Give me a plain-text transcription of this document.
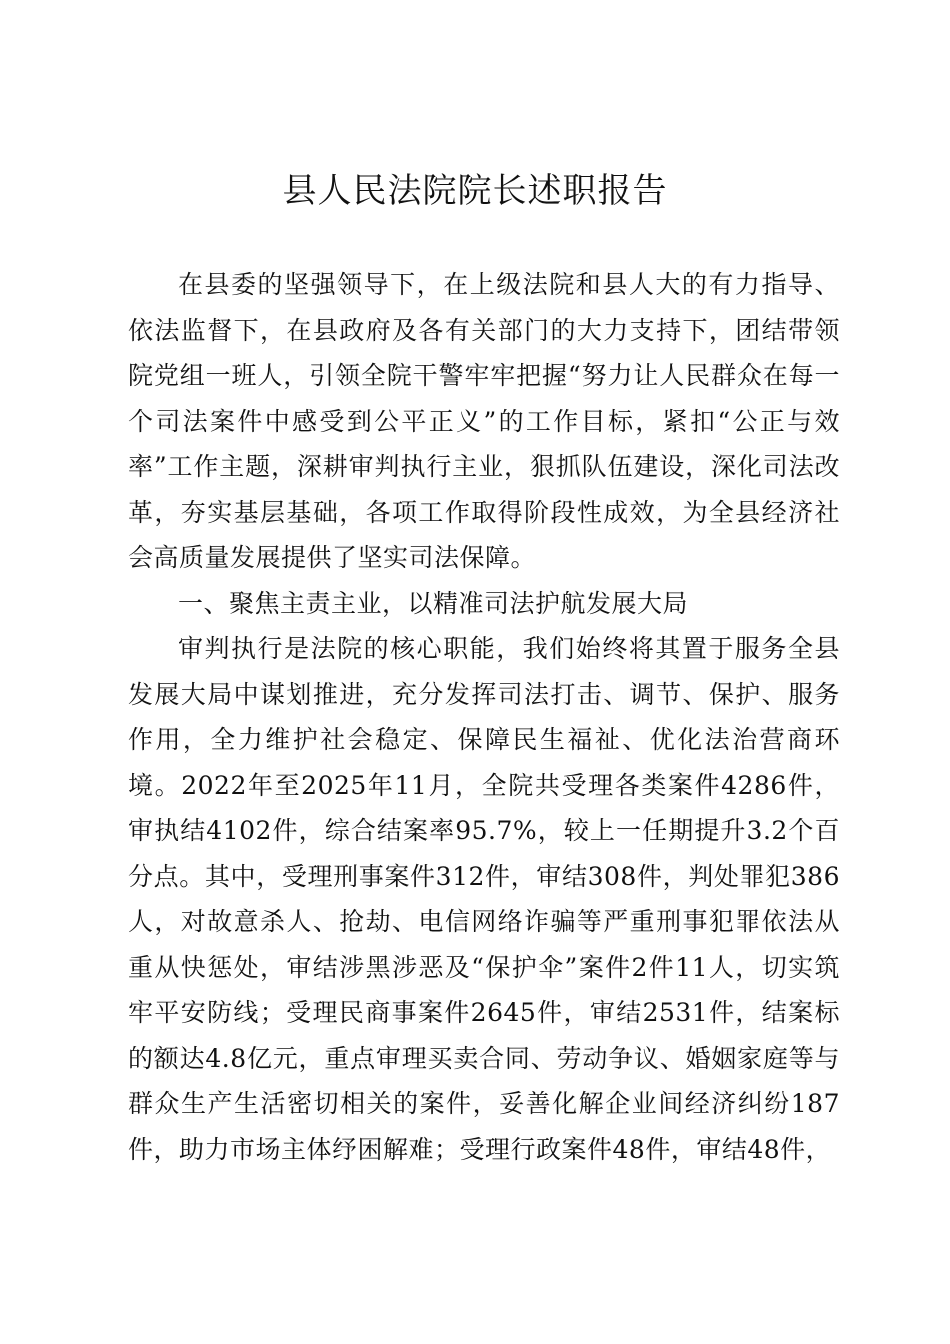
县人民法院院长述职报告

在县委的坚强领导下，在上级法院和县人大的有力指导、依法监督下，在县政府及各有关部门的大力支持下，团结带领院党组一班人，引领全院干警牢牢把握“努力让人民群众在每一个司法案件中感受到公平正义”的工作目标，紧扣“公正与效率”工作主题，深耕审判执行主业，狠抓队伍建设，深化司法改革，夯实基层基础，各项工作取得阶段性成效，为全县经济社会高质量发展提供了坚实司法保障。

一、聚焦主责主业，以精准司法护航发展大局

审判执行是法院的核心职能，我们始终将其置于服务全县发展大局中谋划推进，充分发挥司法打击、调节、保护、服务作用，全力维护社会稳定、保障民生福祉、优化法治营商环境。2022年至2025年11月，全院共受理各类案件4286件，审执结4102件，综合结案率95.7%，较上一任期提升3.2个百分点。其中，受理刑事案件312件，审结308件，判处罪犯386人，对故意杀人、抢劫、电信网络诈骗等严重刑事犯罪依法从重从快惩处，审结涉黑涉恶及“保护伞”案件2件11人，切实筑牢平安防线；受理民商事案件2645件，审结2531件，结案标的额达4.8亿元，重点审理买卖合同、劳动争议、婚姻家庭等与群众生产生活密切相关的案件，妥善化解企业间经济纠纷187件，助力市场主体纾困解难；受理行政案件48件，审结48件，
